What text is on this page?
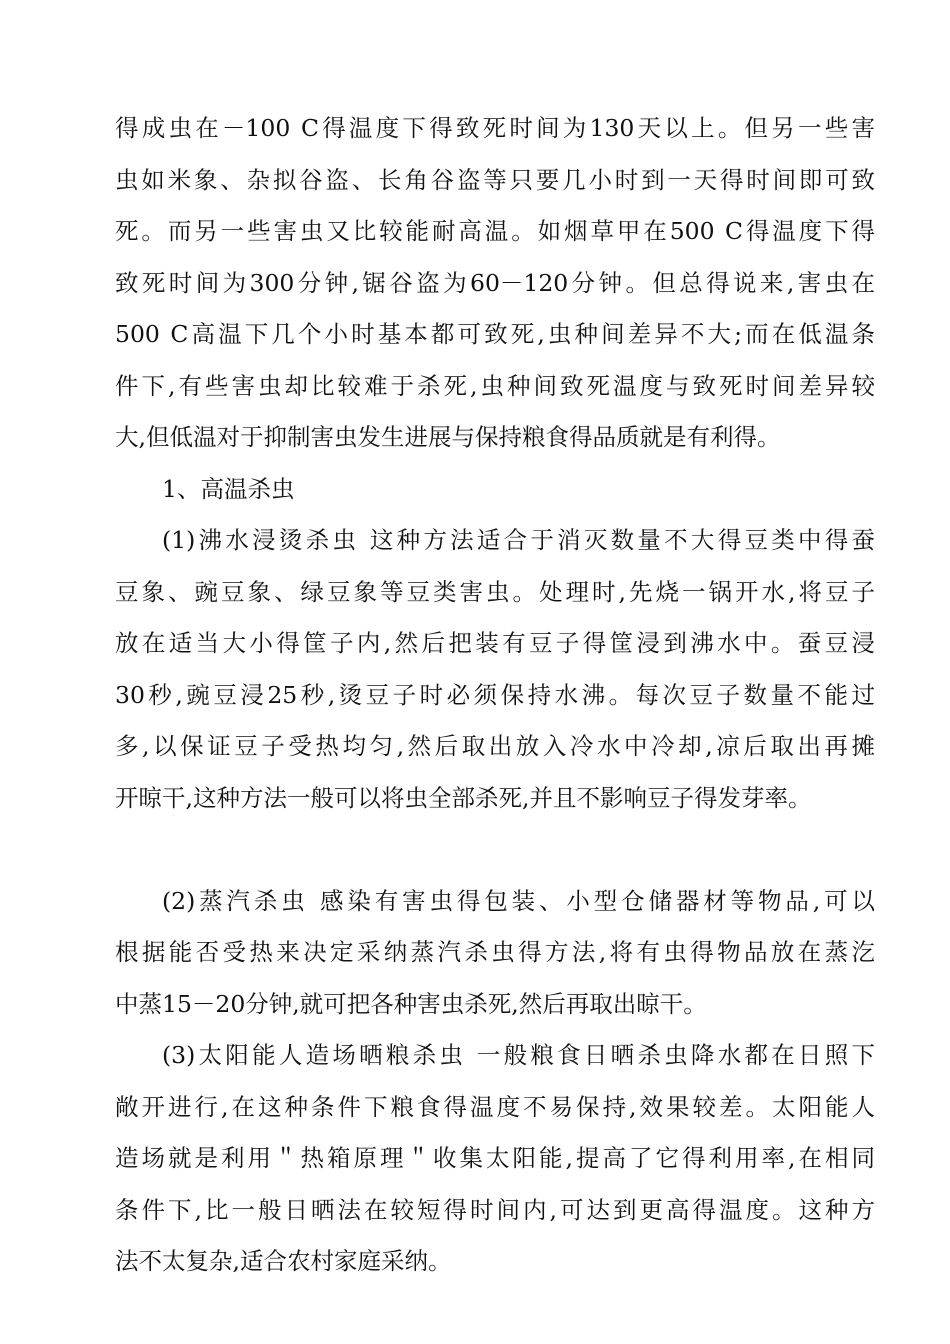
得成虫在－100 C得温度下得致死时间为130天以上。但另一些害
虫如米象、杂拟谷盗、长角谷盗等只要几小时到一天得时间即可致
死。而另一些害虫又比较能耐高温。如烟草甲在500 C得温度下得
致死时间为300分钟,锯谷盗为60－120分钟。但总得说来,害虫在
500 C高温下几个小时基本都可致死,虫种间差异不大;而在低温条
件下,有些害虫却比较难于杀死,虫种间致死温度与致死时间差异较
大,但低温对于抑制害虫发生进展与保持粮食得品质就是有利得。
1、高温杀虫
(1)沸水浸烫杀虫 这种方法适合于消灭数量不大得豆类中得蚕
豆象、豌豆象、绿豆象等豆类害虫。处理时,先烧一锅开水,将豆子
放在适当大小得筐子内,然后把装有豆子得筐浸到沸水中。蚕豆浸
30秒,豌豆浸25秒,烫豆子时必须保持水沸。每次豆子数量不能过
多,以保证豆子受热均匀,然后取出放入冷水中冷却,凉后取出再摊
开晾干,这种方法一般可以将虫全部杀死,并且不影响豆子得发芽率。
(2)蒸汽杀虫 感染有害虫得包装、小型仓储器材等物品,可以
根据能否受热来决定采纳蒸汽杀虫得方法,将有虫得物品放在蒸汔
中蒸15－20分钟,就可把各种害虫杀死,然后再取出晾干。
(3)太阳能人造场晒粮杀虫 一般粮食日晒杀虫降水都在日照下
敞开进行,在这种条件下粮食得温度不易保持,效果较差。太阳能人
造场就是利用＂热箱原理＂收集太阳能,提高了它得利用率,在相同
条件下,比一般日晒法在较短得时间内,可达到更高得温度。这种方
法不太复杂,适合农村家庭采纳。
